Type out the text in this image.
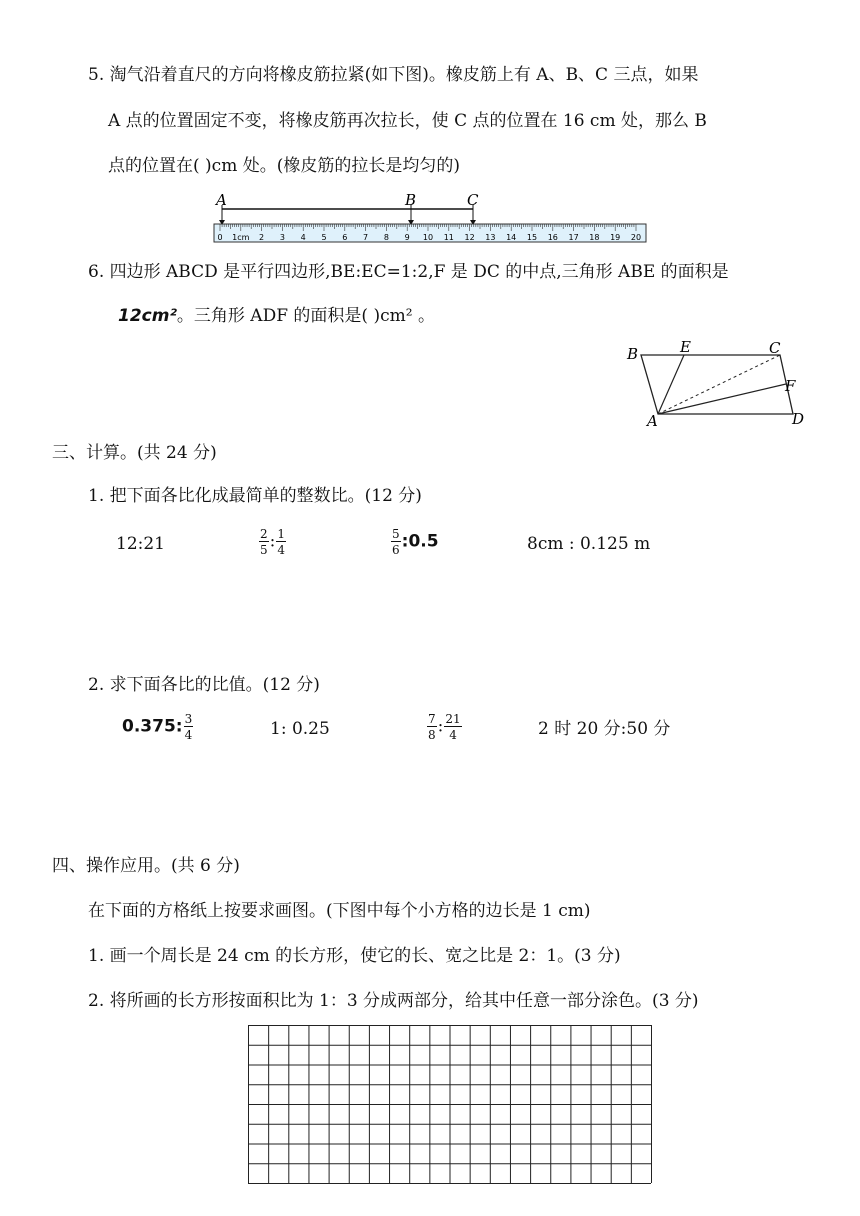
5. 淘气沿着直尺的方向将橡皮筋拉紧(如下图)。橡皮筋上有 A、B、C 三点，如果
A 点的位置固定不变，将橡皮筋再次拉长，使 C 点的位置在 16 cm 处，那么 B
点的位置在( )cm 处。(橡皮筋的拉长是均匀的)
A	B	C
0 1cm 2 3 4 5 6 7 8 9 10 11 12 13 14 15 16 17 18 19 20
6. 四边形 ABCD 是平行四边形,BE:EC=1:2,F 是 DC 的中点,三角形 ABE 的面积是
12cm²。三角形 ADF 的面积是( )cm² 。
B	E	C
F
A	D
三、计算。(共 24 分)
1. 把下面各比化成最简单的整数比。(12 分)
12:21	$\frac{2}{5}$ : $\frac{1}{4}$	$\frac{5}{6}$ :0.5	8cm : 0.125 m
2. 求下面各比的比值。(12 分)
0.375: $\frac{3}{4}$	1: 0.25	$\frac{7}{8}$ : $\frac{21}{4}$	2 时 20 分:50 分
四、操作应用。(共 6 分)
在下面的方格纸上按要求画图。(下图中每个小方格的边长是 1 cm)
1. 画一个周长是 24 cm 的长方形，使它的长、宽之比是 2：1。(3 分)
2. 将所画的长方形按面积比为 1：3 分成两部分，给其中任意一部分涂色。(3 分)
